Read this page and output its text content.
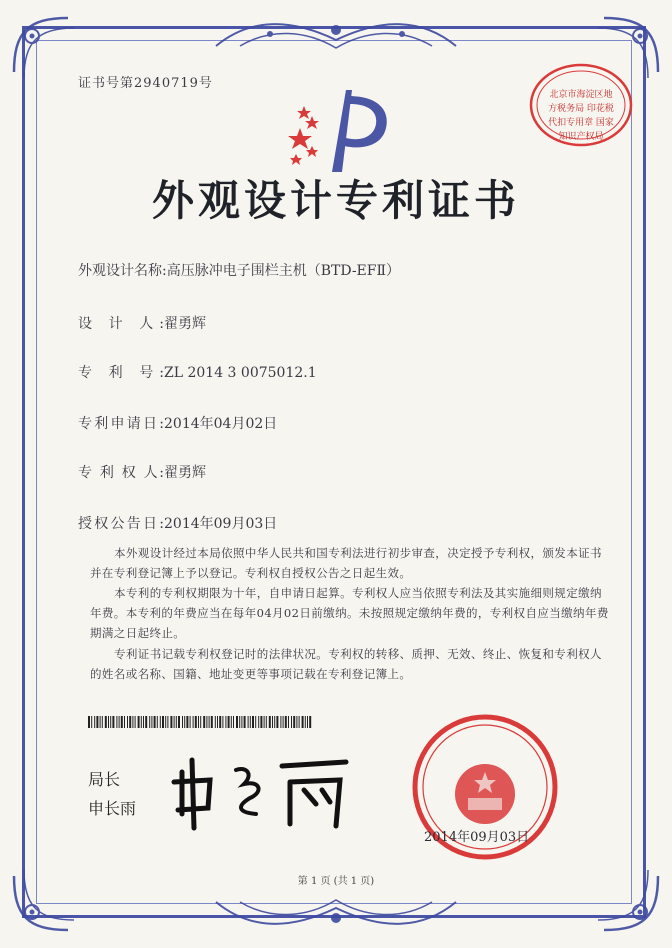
证书号第2940719号
北京市海淀区地方税务局 印花税 代扣专用章 国家知识产权局
外观设计专利证书
外观设计名称:高压脉冲电子围栏主机（BTD-EFⅡ）
设 计 人:翟勇辉
专 利 号:ZL 2014 3 0075012.1
专利申请日:2014年04月02日
专 利 权 人:翟勇辉
授权公告日:2014年09月03日

本外观设计经过本局依照中华人民共和国专利法进行初步审查，决定授予专利权，颁发本证书并在专利登记簿上予以登记。专利权自授权公告之日起生效。

本专利的专利权期限为十年，自申请日起算。专利权人应当依照专利法及其实施细则规定缴纳年费。本专利的年费应当在每年04月02日前缴纳。未按照规定缴纳年费的，专利权自应当缴纳年费期满之日起终止。

专利证书记载专利权登记时的法律状况。专利权的转移、质押、无效、终止、恢复和专利权人的姓名或名称、国籍、地址变更等事项记载在专利登记簿上。

局长
申长雨
2014年09月03日
第 1 页 (共 1 页)
